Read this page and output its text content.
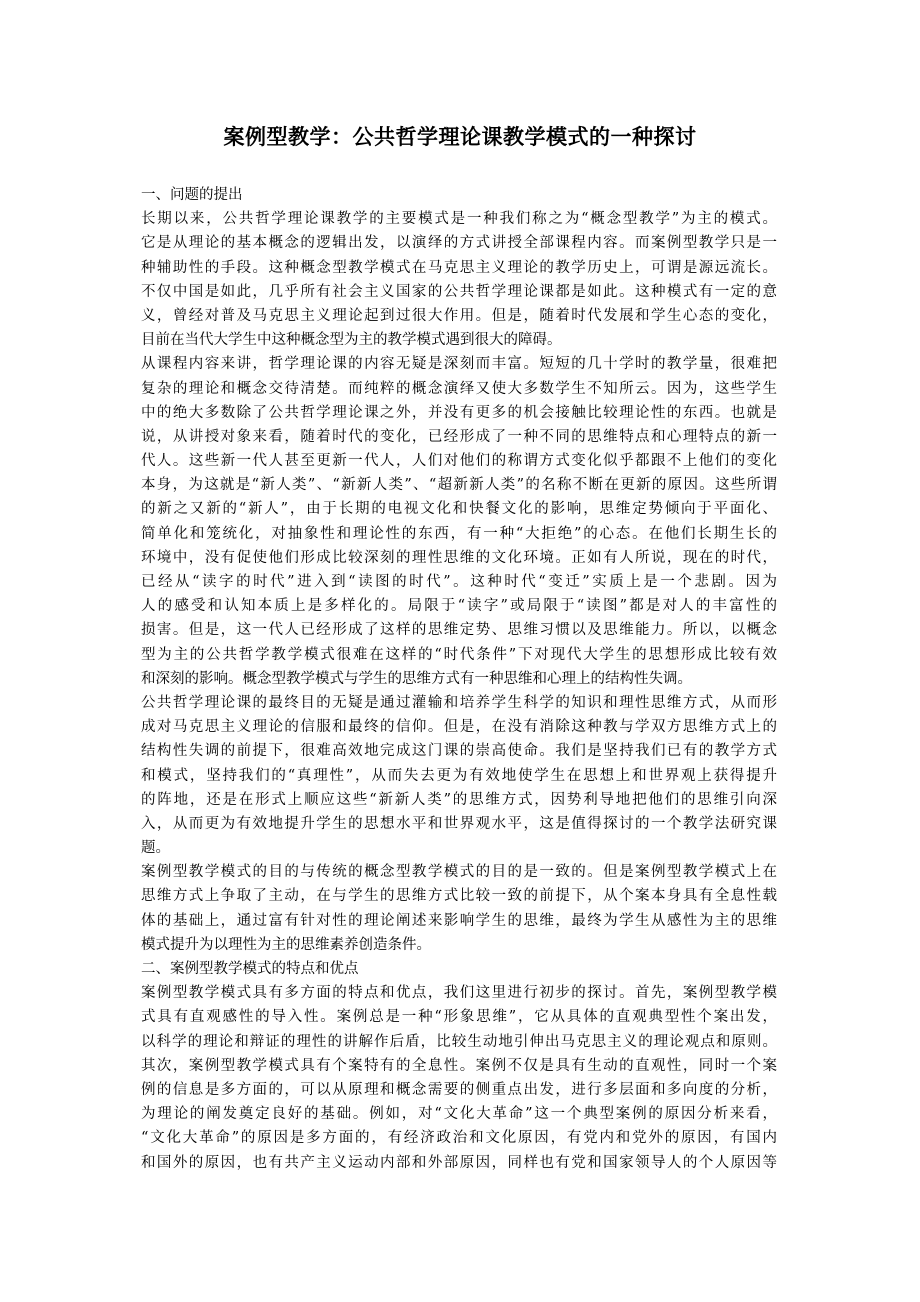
案例型教学：公共哲学理论课教学模式的一种探讨
一、问题的提出
长期以来，公共哲学理论课教学的主要模式是一种我们称之为“概念型教学”为主的模式。
它是从理论的基本概念的逻辑出发，以演绎的方式讲授全部课程内容。而案例型教学只是一
种辅助性的手段。这种概念型教学模式在马克思主义理论的教学历史上，可谓是源远流长。
不仅中国是如此，几乎所有社会主义国家的公共哲学理论课都是如此。这种模式有一定的意
义，曾经对普及马克思主义理论起到过很大作用。但是，随着时代发展和学生心态的变化，
目前在当代大学生中这种概念型为主的教学模式遇到很大的障碍。
从课程内容来讲，哲学理论课的内容无疑是深刻而丰富。短短的几十学时的教学量，很难把
复杂的理论和概念交待清楚。而纯粹的概念演绎又使大多数学生不知所云。因为，这些学生
中的绝大多数除了公共哲学理论课之外，并没有更多的机会接触比较理论性的东西。也就是
说，从讲授对象来看，随着时代的变化，已经形成了一种不同的思维特点和心理特点的新一
代人。这些新一代人甚至更新一代人，人们对他们的称谓方式变化似乎都跟不上他们的变化
本身，为这就是“新人类”、“新新人类”、“超新新人类”的名称不断在更新的原因。这些所谓
的新之又新的“新人”，由于长期的电视文化和快餐文化的影响，思维定势倾向于平面化、
简单化和笼统化，对抽象性和理论性的东西，有一种“大拒绝”的心态。在他们长期生长的
环境中，没有促使他们形成比较深刻的理性思维的文化环境。正如有人所说，现在的时代，
已经从“读字的时代”进入到“读图的时代”。这种时代“变迁”实质上是一个悲剧。因为
人的感受和认知本质上是多样化的。局限于“读字”或局限于“读图”都是对人的丰富性的
损害。但是，这一代人已经形成了这样的思维定势、思维习惯以及思维能力。所以，以概念
型为主的公共哲学教学模式很难在这样的“时代条件”下对现代大学生的思想形成比较有效
和深刻的影响。概念型教学模式与学生的思维方式有一种思维和心理上的结构性失调。
公共哲学理论课的最终目的无疑是通过灌输和培养学生科学的知识和理性思维方式，从而形
成对马克思主义理论的信服和最终的信仰。但是，在没有消除这种教与学双方思维方式上的
结构性失调的前提下，很难高效地完成这门课的崇高使命。我们是坚持我们已有的教学方式
和模式，坚持我们的“真理性”，从而失去更为有效地使学生在思想上和世界观上获得提升
的阵地，还是在形式上顺应这些“新新人类”的思维方式，因势利导地把他们的思维引向深
入，从而更为有效地提升学生的思想水平和世界观水平，这是值得探讨的一个教学法研究课
题。
案例型教学模式的目的与传统的概念型教学模式的目的是一致的。但是案例型教学模式上在
思维方式上争取了主动，在与学生的思维方式比较一致的前提下，从个案本身具有全息性载
体的基础上，通过富有针对性的理论阐述来影响学生的思维，最终为学生从感性为主的思维
模式提升为以理性为主的思维素养创造条件。
二、案例型教学模式的特点和优点
案例型教学模式具有多方面的特点和优点，我们这里进行初步的探讨。首先，案例型教学模
式具有直观感性的导入性。案例总是一种“形象思维”，它从具体的直观典型性个案出发，
以科学的理论和辩证的理性的讲解作后盾，比较生动地引伸出马克思主义的理论观点和原则。
其次，案例型教学模式具有个案特有的全息性。案例不仅是具有生动的直观性，同时一个案
例的信息是多方面的，可以从原理和概念需要的侧重点出发，进行多层面和多向度的分析，
为理论的阐发奠定良好的基础。例如，对“文化大革命”这一个典型案例的原因分析来看，
“文化大革命”的原因是多方面的，有经济政治和文化原因，有党内和党外的原因，有国内
和国外的原因，也有共产主义运动内部和外部原因，同样也有党和国家领导人的个人原因等
